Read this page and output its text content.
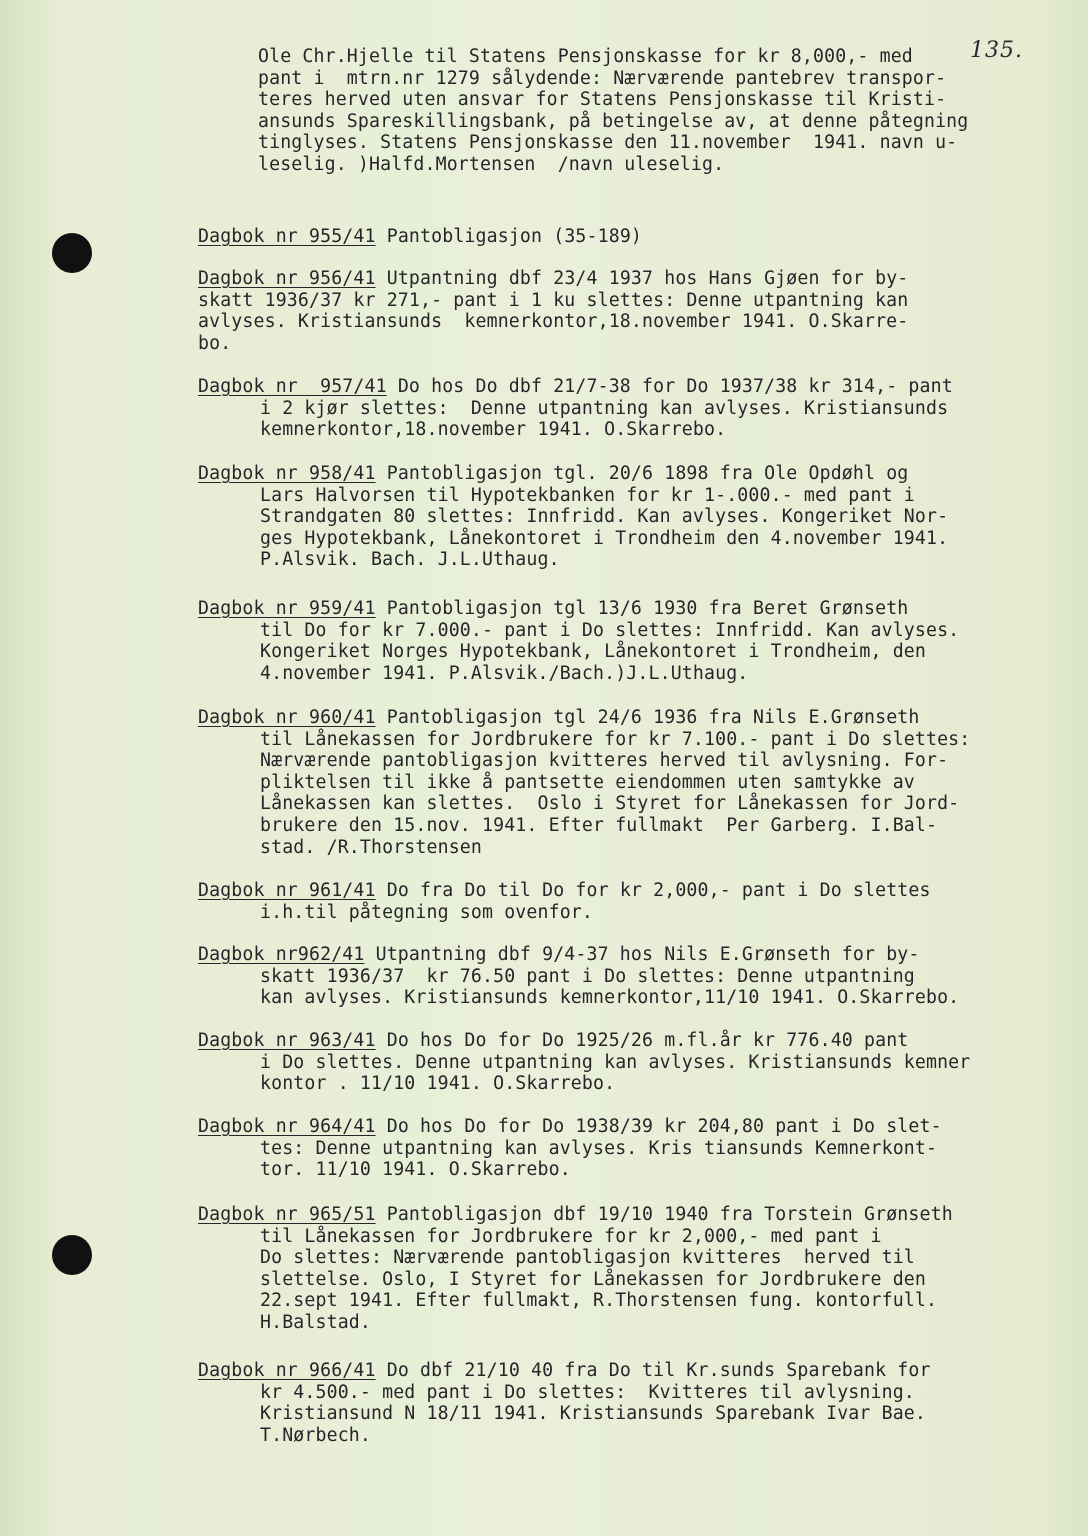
135.
Ole Chr.Hjelle til Statens Pensjonskasse for kr 8,000,- med
pant i  mtrn.nr 1279 sålydende: Nærværende pantebrev transpor-
teres herved uten ansvar for Statens Pensjonskasse til Kristi-
ansunds Spareskillingsbank, på betingelse av, at denne påtegning
tinglyses. Statens Pensjonskasse den 11.november  1941. navn u-
leselig. )Halfd.Mortensen  /navn uleselig.
Dagbok nr 955/41 Pantobligasjon (35-189)
Dagbok nr 956/41 Utpantning dbf 23/4 1937 hos Hans Gjøen for by-
skatt 1936/37 kr 271,- pant i 1 ku slettes: Denne utpantning kan
avlyses. Kristiansunds  kemnerkontor,18.november 1941. O.Skarre-
bo.
Dagbok nr  957/41 Do hos Do dbf 21/7-38 for Do 1937/38 kr 314,- pant
i 2 kjør slettes:  Denne utpantning kan avlyses. Kristiansunds
kemnerkontor,18.november 1941. O.Skarrebo.
Dagbok nr 958/41 Pantobligasjon tgl. 20/6 1898 fra Ole Opdøhl og
Lars Halvorsen til Hypotekbanken for kr 1-.000.- med pant i
Strandgaten 80 slettes: Innfridd. Kan avlyses. Kongeriket Nor-
ges Hypotekbank, Lånekontoret i Trondheim den 4.november 1941.
P.Alsvik. Bach. J.L.Uthaug.
Dagbok nr 959/41 Pantobligasjon tgl 13/6 1930 fra Beret Grønseth
til Do for kr 7.000.- pant i Do slettes: Innfridd. Kan avlyses.
Kongeriket Norges Hypotekbank, Lånekontoret i Trondheim, den
4.november 1941. P.Alsvik./Bach.)J.L.Uthaug.
Dagbok nr 960/41 Pantobligasjon tgl 24/6 1936 fra Nils E.Grønseth
til Lånekassen for Jordbrukere for kr 7.100.- pant i Do slettes:
Nærværende pantobligasjon kvitteres herved til avlysning. For-
pliktelsen til ikke å pantsette eiendommen uten samtykke av
Lånekassen kan slettes.  Oslo i Styret for Lånekassen for Jord-
brukere den 15.nov. 1941. Efter fullmakt  Per Garberg. I.Bal-
stad. /R.Thorstensen
Dagbok nr 961/41 Do fra Do til Do for kr 2,000,- pant i Do slettes
i.h.til påtegning som ovenfor.
Dagbok nr962/41 Utpantning dbf 9/4-37 hos Nils E.Grønseth for by-
skatt 1936/37  kr 76.50 pant i Do slettes: Denne utpantning
kan avlyses. Kristiansunds kemnerkontor,11/10 1941. O.Skarrebo.
Dagbok nr 963/41 Do hos Do for Do 1925/26 m.fl.år kr 776.40 pant
i Do slettes. Denne utpantning kan avlyses. Kristiansunds kemner
kontor . 11/10 1941. O.Skarrebo.
Dagbok nr 964/41 Do hos Do for Do 1938/39 kr 204,80 pant i Do slet-
tes: Denne utpantning kan avlyses. Kris tiansunds Kemnerkont-
tor. 11/10 1941. O.Skarrebo.
Dagbok nr 965/51 Pantobligasjon dbf 19/10 1940 fra Torstein Grønseth
til Lånekassen for Jordbrukere for kr 2,000,- med pant i
Do slettes: Nærværende pantobligasjon kvitteres  herved til
slettelse. Oslo, I Styret for Lånekassen for Jordbrukere den
22.sept 1941. Efter fullmakt, R.Thorstensen fung. kontorfull.
H.Balstad.
Dagbok nr 966/41 Do dbf 21/10 40 fra Do til Kr.sunds Sparebank for
kr 4.500.- med pant i Do slettes:  Kvitteres til avlysning.
Kristiansund N 18/11 1941. Kristiansunds Sparebank Ivar Bae.
T.Nørbech.
